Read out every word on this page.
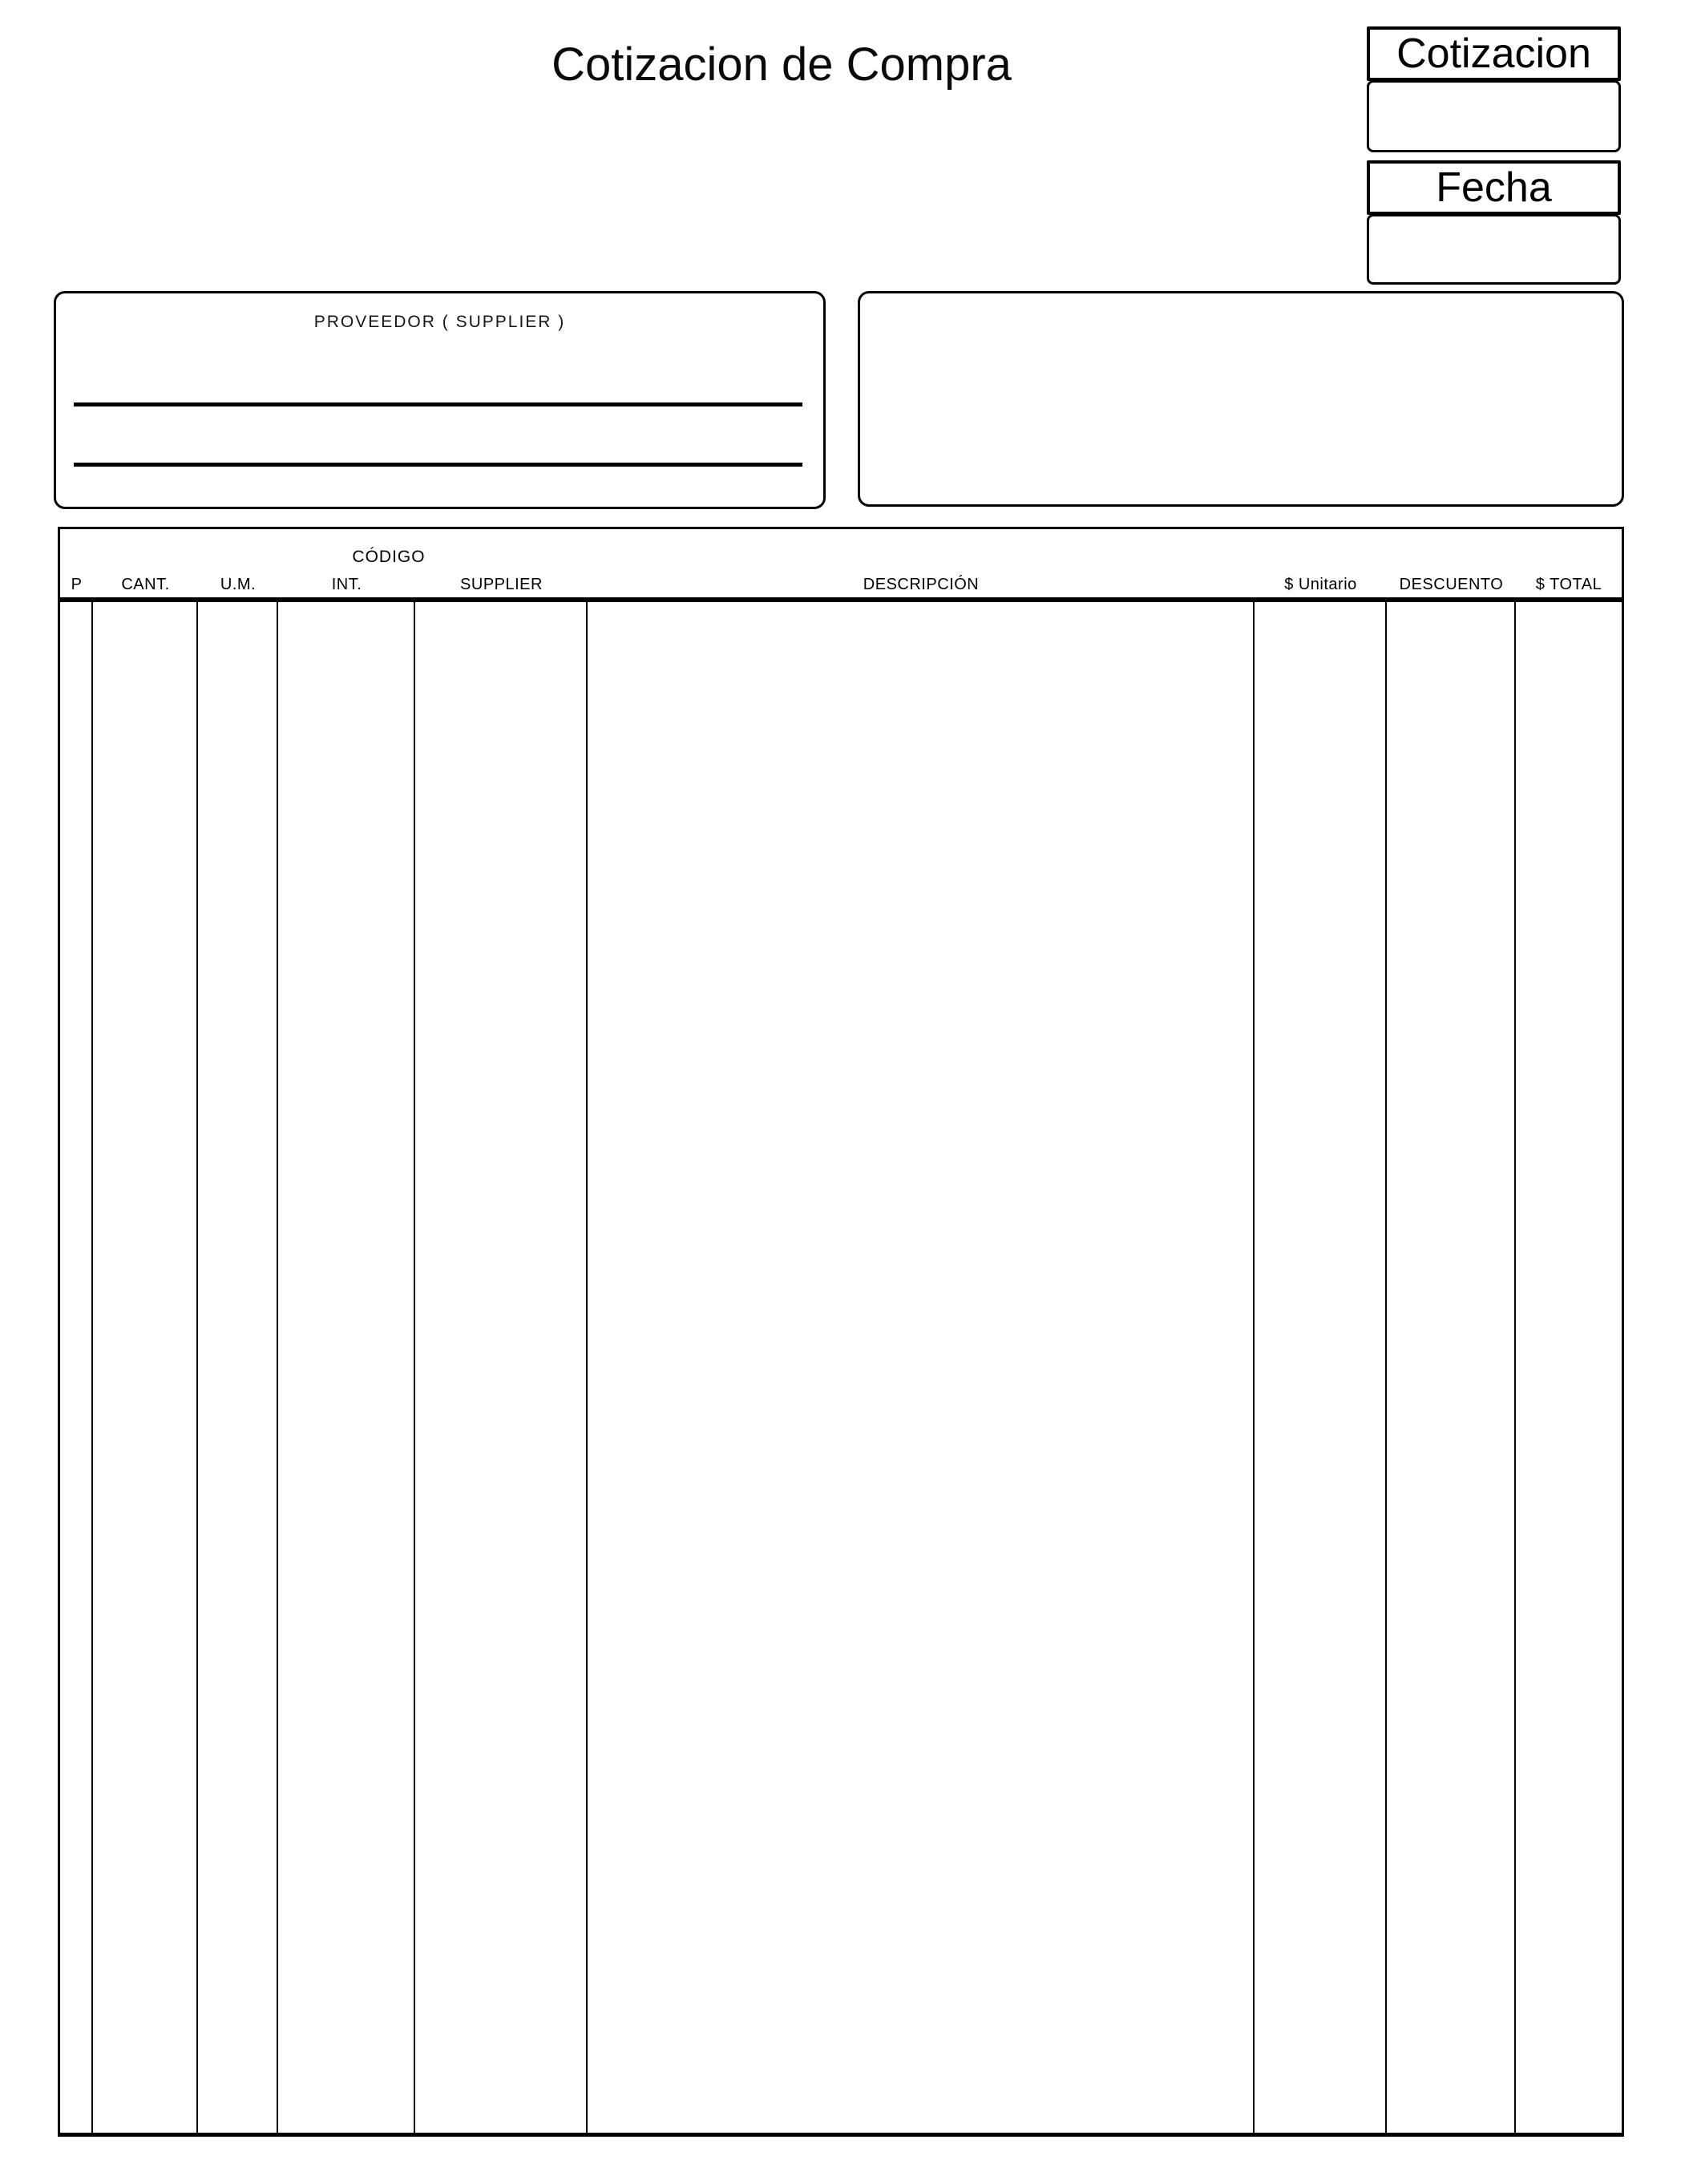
Cotizacion de Compra	Cotizacion
Fecha
PROVEEDOR ( SUPPLIER )
CÓDIGO
P	CANT.	U.M.	INT.	SUPPLIER	DESCRIPCIÓN	$ Unitario	DESCUENTO	$ TOTAL
